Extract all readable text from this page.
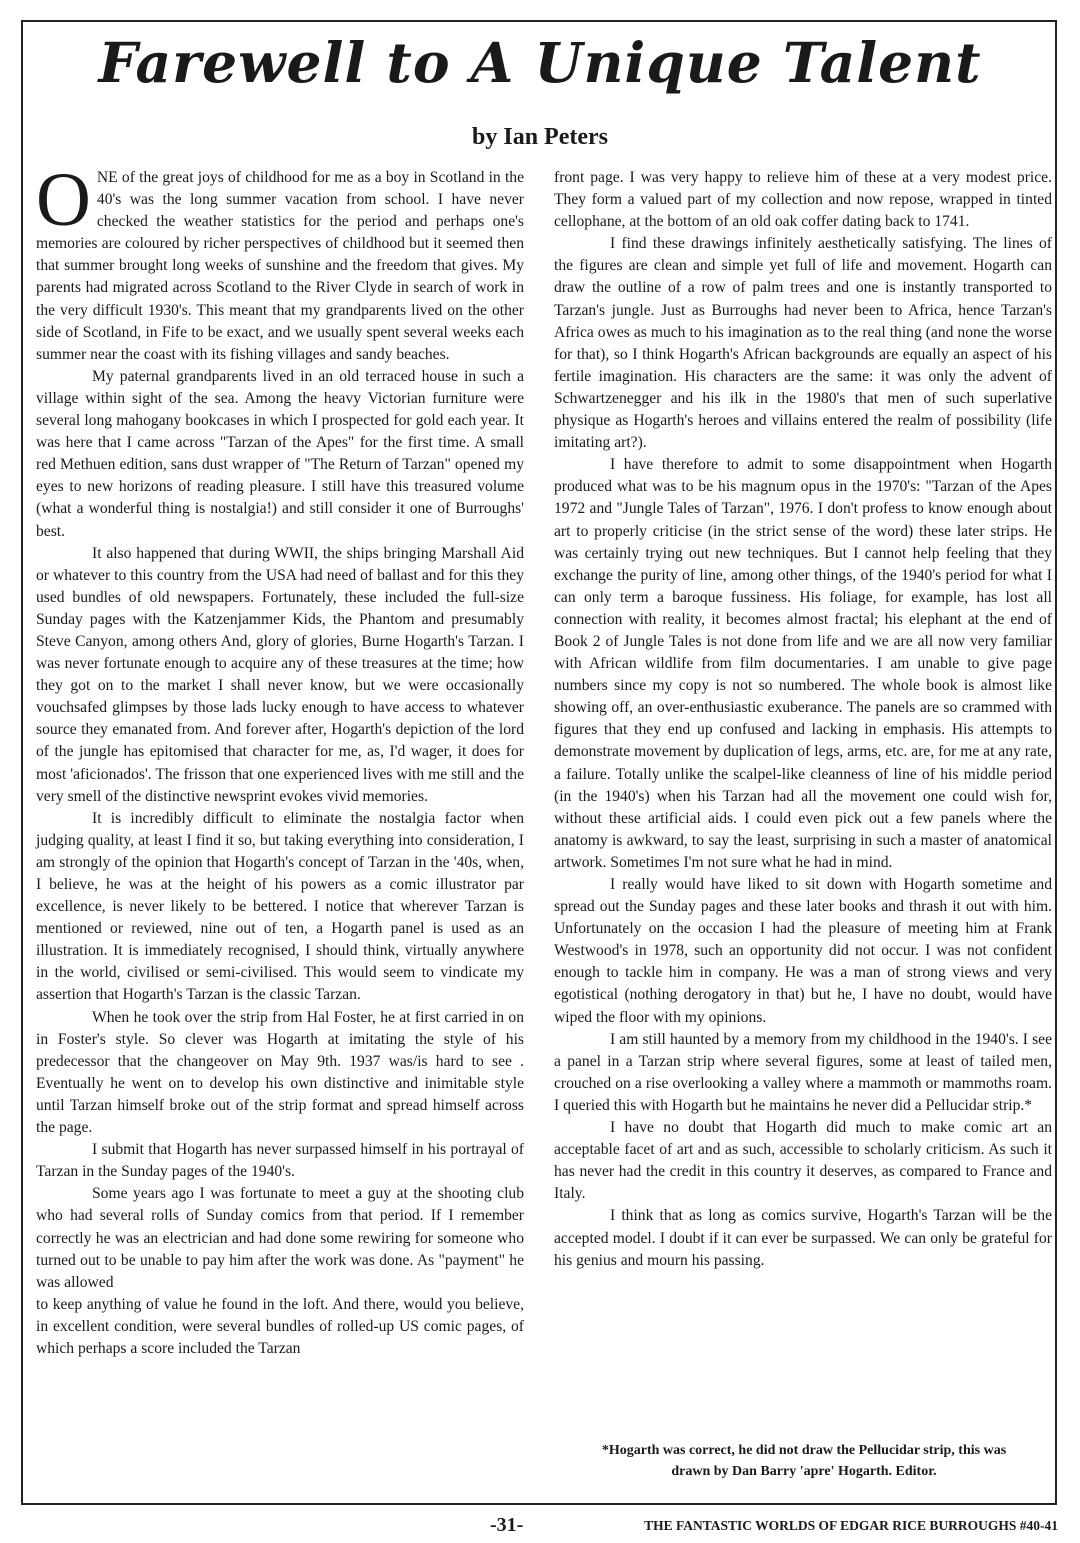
Farewell to A Unique Talent
by Ian Peters

ONE of the great joys of childhood for me as a boy in Scotland in the 40's was the long summer vacation from school. I have never checked the weather statistics for the period and perhaps one's memories are coloured by richer perspectives of childhood but it seemed then that summer brought long weeks of sunshine and the freedom that gives. My parents had migrated across Scotland to the River Clyde in search of work in the very difficult 1930's. This meant that my grandparents lived on the other side of Scotland, in Fife to be exact, and we usually spent several weeks each summer near the coast with its fishing villages and sandy beaches.

My paternal grandparents lived in an old terraced house in such a village within sight of the sea. Among the heavy Victorian furniture were several long mahogany bookcases in which I prospected for gold each year. It was here that I came across "Tarzan of the Apes" for the first time. A small red Methuen edition, sans dust wrapper of "The Return of Tarzan" opened my eyes to new horizons of reading pleasure. I still have this treasured volume (what a wonderful thing is nostalgia!) and still consider it one of Burroughs' best.

It also happened that during WWII, the ships bringing Marshall Aid or whatever to this country from the USA had need of ballast and for this they used bundles of old newspapers. Fortunately, these included the full-size Sunday pages with the Katzenjammer Kids, the Phantom and presumably Steve Canyon, among others And, glory of glories, Burne Hogarth's Tarzan. I was never fortunate enough to acquire any of these treasures at the time; how they got on to the market I shall never know, but we were occasionally vouchsafed glimpses by those lads lucky enough to have access to whatever source they emanated from. And forever after, Hogarth's depiction of the lord of the jungle has epitomised that character for me, as, I'd wager, it does for most 'aficionados'. The frisson that one experienced lives with me still and the very smell of the distinctive newsprint evokes vivid memories.

It is incredibly difficult to eliminate the nostalgia factor when judging quality, at least I find it so, but taking everything into consideration, I am strongly of the opinion that Hogarth's concept of Tarzan in the '40s, when, I believe, he was at the height of his powers as a comic illustrator par excellence, is never likely to be bettered. I notice that wherever Tarzan is mentioned or reviewed, nine out of ten, a Hogarth panel is used as an illustration. It is immediately recognised, I should think, virtually anywhere in the world, civilised or semi-civilised. This would seem to vindicate my assertion that Hogarth's Tarzan is the classic Tarzan.

When he took over the strip from Hal Foster, he at first carried in on in Foster's style. So clever was Hogarth at imitating the style of his predecessor that the changeover on May 9th. 1937 was/is hard to see . Eventually he went on to develop his own distinctive and inimitable style until Tarzan himself broke out of the strip format and spread himself across the page.

I submit that Hogarth has never surpassed himself in his portrayal of Tarzan in the Sunday pages of the 1940's.

Some years ago I was fortunate to meet a guy at the shooting club who had several rolls of Sunday comics from that period. If I remember correctly he was an electrician and had done some rewiring for someone who turned out to be unable to pay him after the work was done. As "payment" he was allowed

to keep anything of value he found in the loft. And there, would you believe, in excellent condition, were several bundles of rolled-up US comic pages, of which perhaps a score included the Tarzan

front page. I was very happy to relieve him of these at a very modest price. They form a valued part of my collection and now repose, wrapped in tinted cellophane, at the bottom of an old oak coffer dating back to 1741.

I find these drawings infinitely aesthetically satisfying. The lines of the figures are clean and simple yet full of life and movement. Hogarth can draw the outline of a row of palm trees and one is instantly transported to Tarzan's jungle. Just as Burroughs had never been to Africa, hence Tarzan's Africa owes as much to his imagination as to the real thing (and none the worse for that), so I think Hogarth's African backgrounds are equally an aspect of his fertile imagination. His characters are the same: it was only the advent of Schwartzenegger and his ilk in the 1980's that men of such superlative physique as Hogarth's heroes and villains entered the realm of possibility (life imitating art?).

I have therefore to admit to some disappointment when Hogarth produced what was to be his magnum opus in the 1970's: "Tarzan of the Apes 1972 and "Jungle Tales of Tarzan", 1976. I don't profess to know enough about art to properly criticise (in the strict sense of the word) these later strips. He was certainly trying out new techniques. But I cannot help feeling that they exchange the purity of line, among other things, of the 1940's period for what I can only term a baroque fussiness. His foliage, for example, has lost all connection with reality, it becomes almost fractal; his elephant at the end of Book 2 of Jungle Tales is not done from life and we are all now very familiar with African wildlife from film documentaries. I am unable to give page numbers since my copy is not so numbered. The whole book is almost like showing off, an over-enthusiastic exuberance. The panels are so crammed with figures that they end up confused and lacking in emphasis. His attempts to demonstrate movement by duplication of legs, arms, etc. are, for me at any rate, a failure. Totally unlike the scalpel-like cleanness of line of his middle period (in the 1940's) when his Tarzan had all the movement one could wish for, without these artificial aids. I could even pick out a few panels where the anatomy is awkward, to say the least, surprising in such a master of anatomical artwork. Sometimes I'm not sure what he had in mind.

I really would have liked to sit down with Hogarth sometime and spread out the Sunday pages and these later books and thrash it out with him. Unfortunately on the occasion I had the pleasure of meeting him at Frank Westwood's in 1978, such an opportunity did not occur. I was not confident enough to tackle him in company. He was a man of strong views and very egotistical (nothing derogatory in that) but he, I have no doubt, would have wiped the floor with my opinions.

I am still haunted by a memory from my childhood in the 1940's. I see a panel in a Tarzan strip where several figures, some at least of tailed men, crouched on a rise overlooking a valley where a mammoth or mammoths roam. I queried this with Hogarth but he maintains he never did a Pellucidar strip.*

I have no doubt that Hogarth did much to make comic art an acceptable facet of art and as such, accessible to scholarly criticism. As such it has never had the credit in this country it deserves, as compared to France and Italy.

I think that as long as comics survive, Hogarth's Tarzan will be the accepted model. I doubt if it can ever be surpassed. We can only be grateful for his genius and mourn his passing.

*Hogarth was correct, he did not draw the Pellucidar strip, this was
drawn by Dan Barry 'apre' Hogarth. Editor.
-31-	THE FANTASTIC WORLDS OF EDGAR RICE BURROUGHS #40-41
